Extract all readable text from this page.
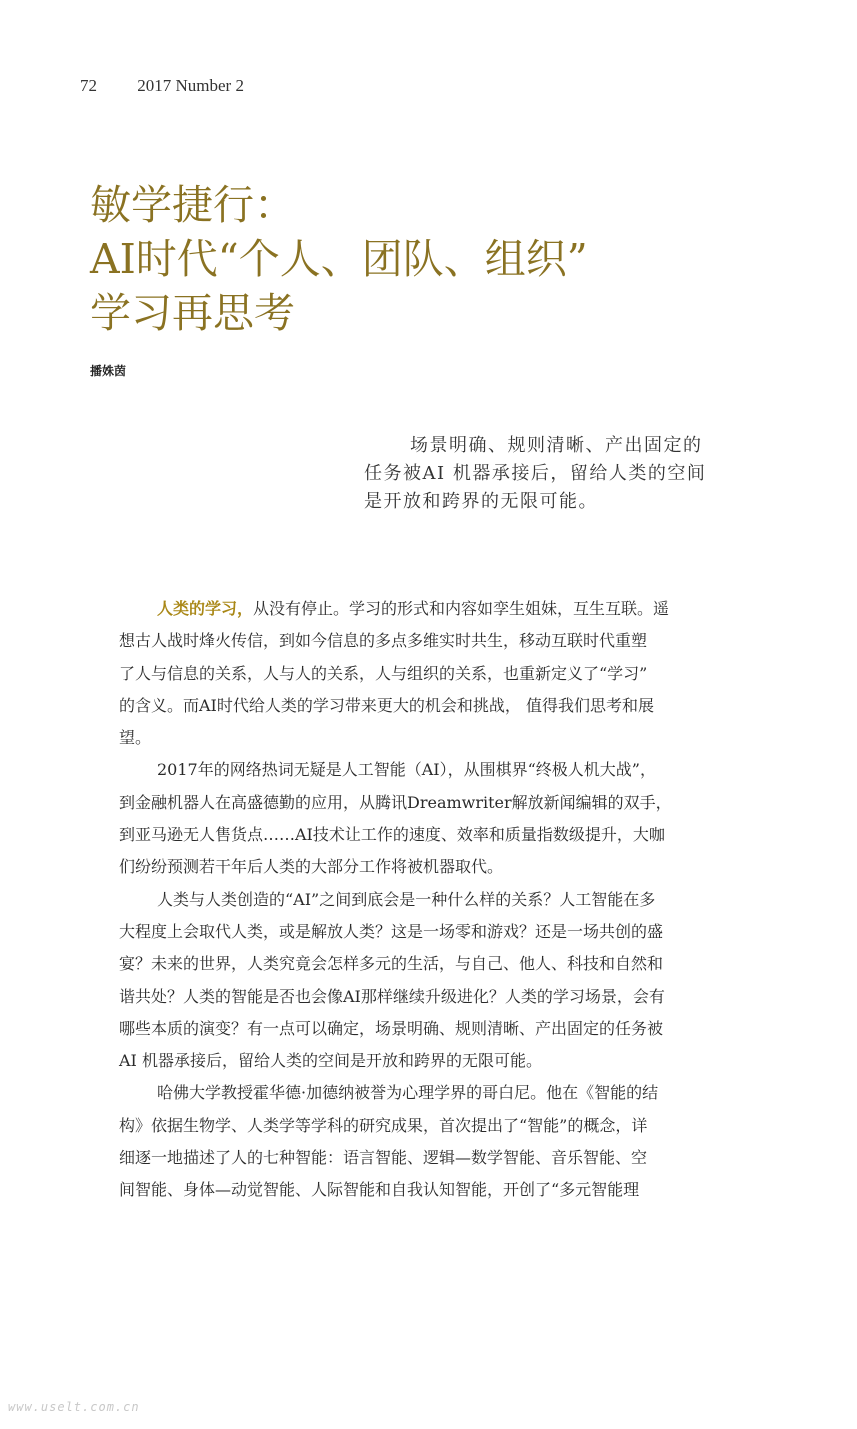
72 2017 Number 2
敏学捷行：
AI时代“个人、团队、组织”
学习再思考
播姝茵
场景明确、规则清晰、产出固定的
任务被AI 机器承接后，留给人类的空间
是开放和跨界的无限可能。

人类的学习，从没有停止。学习的形式和内容如孪生姐妹，互生互联。遥
想古人战时烽火传信，到如今信息的多点多维实时共生，移动互联时代重塑
了人与信息的关系，人与人的关系，人与组织的关系，也重新定义了“学习”
的含义。而AI时代给人类的学习带来更大的机会和挑战， 值得我们思考和展
望。

2017年的网络热词无疑是人工智能（AI），从围棋界“终极人机大战”，
到金融机器人在高盛德勤的应用，从腾讯Dreamwriter解放新闻编辑的双手，
到亚马逊无人售货点……AI技术让工作的速度、效率和质量指数级提升，大咖
们纷纷预测若干年后人类的大部分工作将被机器取代。

人类与人类创造的“AI”之间到底会是一种什么样的关系？人工智能在多
大程度上会取代人类，或是解放人类？这是一场零和游戏？还是一场共创的盛
宴？未来的世界，人类究竟会怎样多元的生活，与自己、他人、科技和自然和
谐共处？人类的智能是否也会像AI那样继续升级进化？人类的学习场景，会有
哪些本质的演变？有一点可以确定，场景明确、规则清晰、产出固定的任务被
AI 机器承接后，留给人类的空间是开放和跨界的无限可能。

哈佛大学教授霍华德·加德纳被誉为心理学界的哥白尼。他在《智能的结
构》依据生物学、人类学等学科的研究成果，首次提出了“智能”的概念，详
细逐一地描述了人的七种智能：语言智能、逻辑—数学智能、音乐智能、空
间智能、身体—动觉智能、人际智能和自我认知智能，开创了“多元智能理

www.uselt.com.cn
